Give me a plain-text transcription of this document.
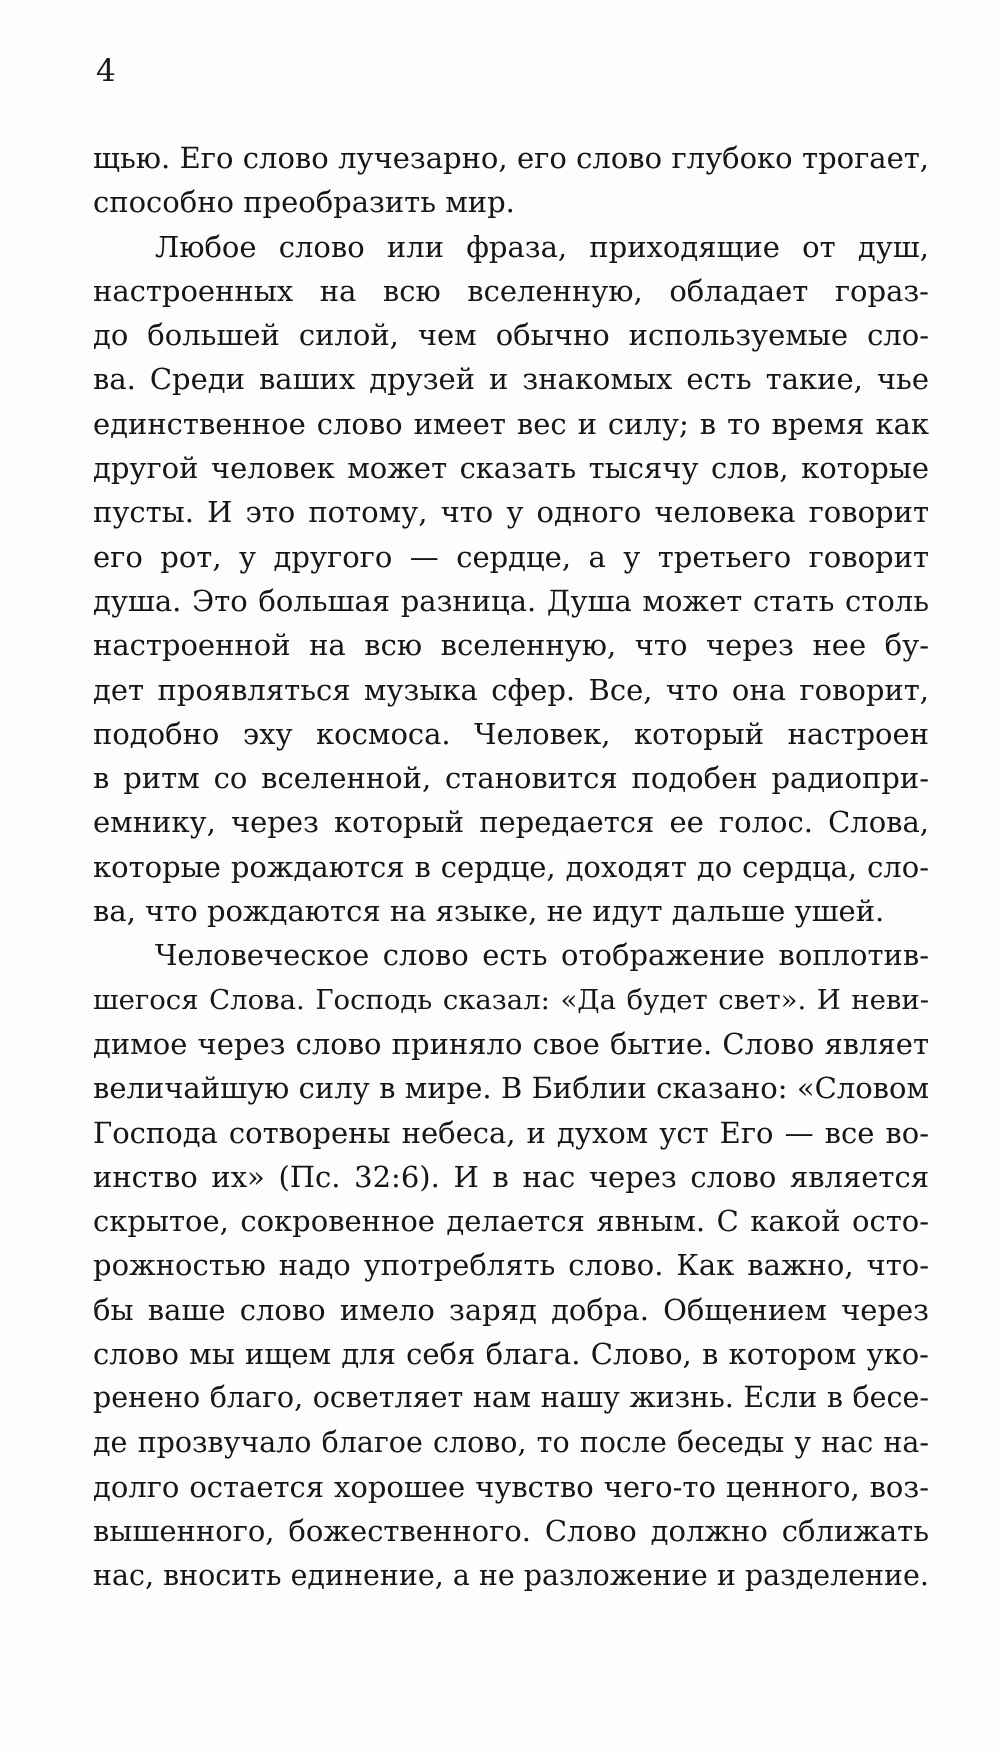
4
щью. Его слово лучезарно, его слово глубоко трогает,
способно преобразить мир.
Любое слово или фраза, приходящие от душ,
настроенных на всю вселенную, обладает гораз-
до большей силой, чем обычно используемые сло-
ва. Среди ваших друзей и знакомых есть такие, чье
единственное слово имеет вес и силу; в то время как
другой человек может сказать тысячу слов, которые
пусты. И это потому, что у одного человека говорит
его рот, у другого — сердце, а у третьего говорит
душа. Это большая разница. Душа может стать столь
настроенной на всю вселенную, что через нее бу-
дет проявляться музыка сфер. Все, что она говорит,
подобно эху космоса. Человек, который настроен
в ритм со вселенной, становится подобен радиопри-
емнику, через который передается ее голос. Слова,
которые рождаются в сердце, доходят до сердца, сло-
ва, что рождаются на языке, не идут дальше ушей.
Человеческое слово есть отображение воплотив-
шегося Слова. Господь сказал: «Да будет свет». И неви-
димое через слово приняло свое бытие. Слово являет
величайшую силу в мире. В Библии сказано: «Словом
Господа сотворены небеса, и духом уст Его — все во-
инство их» (Пс. 32:6). И в нас через слово является
скрытое, сокровенное делается явным. С какой осто-
рожностью надо употреблять слово. Как важно, что-
бы ваше слово имело заряд добра. Общением через
слово мы ищем для себя блага. Слово, в котором уко-
ренено благо, осветляет нам нашу жизнь. Если в бесе-
де прозвучало благое слово, то после беседы у нас на-
долго остается хорошее чувство чего-то ценного, воз-
вышенного, божественного. Слово должно сближать
нас, вносить единение, а не разложение и разделение.
